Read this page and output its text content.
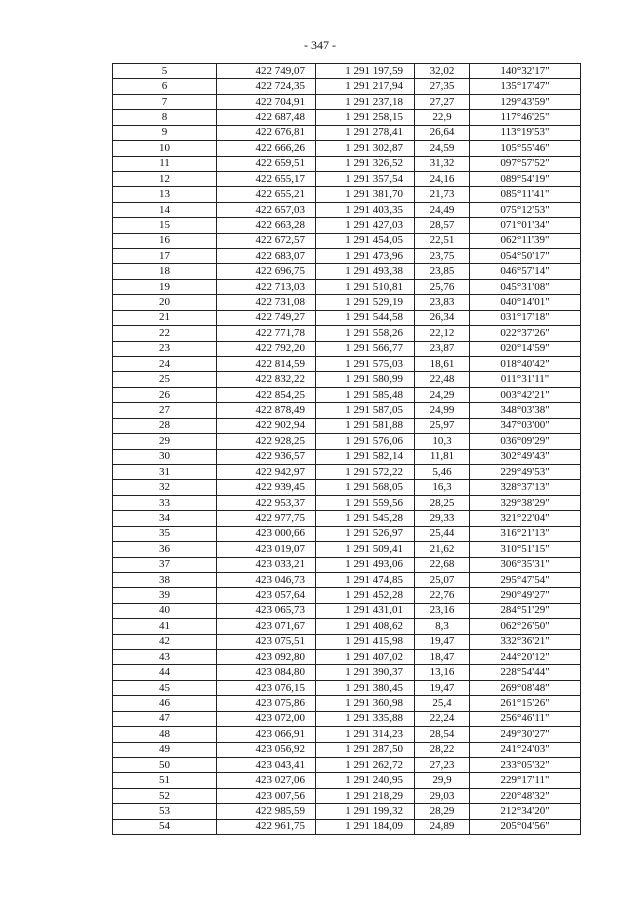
- 347 -
5	422 749,07	1 291 197,59	32,02	140°32'17"
6	422 724,35	1 291 217,94	27,35	135°17'47"
7	422 704,91	1 291 237,18	27,27	129°43'59"
8	422 687,48	1 291 258,15	22,9	117°46'25"
9	422 676,81	1 291 278,41	26,64	113°19'53"
10	422 666,26	1 291 302,87	24,59	105°55'46"
11	422 659,51	1 291 326,52	31,32	097°57'52"
12	422 655,17	1 291 357,54	24,16	089°54'19"
13	422 655,21	1 291 381,70	21,73	085°11'41"
14	422 657,03	1 291 403,35	24,49	075°12'53"
15	422 663,28	1 291 427,03	28,57	071°01'34"
16	422 672,57	1 291 454,05	22,51	062°11'39"
17	422 683,07	1 291 473,96	23,75	054°50'17"
18	422 696,75	1 291 493,38	23,85	046°57'14"
19	422 713,03	1 291 510,81	25,76	045°31'08"
20	422 731,08	1 291 529,19	23,83	040°14'01"
21	422 749,27	1 291 544,58	26,34	031°17'18"
22	422 771,78	1 291 558,26	22,12	022°37'26"
23	422 792,20	1 291 566,77	23,87	020°14'59"
24	422 814,59	1 291 575,03	18,61	018°40'42"
25	422 832,22	1 291 580,99	22,48	011°31'11"
26	422 854,25	1 291 585,48	24,29	003°42'21"
27	422 878,49	1 291 587,05	24,99	348°03'38"
28	422 902,94	1 291 581,88	25,97	347°03'00"
29	422 928,25	1 291 576,06	10,3	036°09'29"
30	422 936,57	1 291 582,14	11,81	302°49'43"
31	422 942,97	1 291 572,22	5,46	229°49'53"
32	422 939,45	1 291 568,05	16,3	328°37'13"
33	422 953,37	1 291 559,56	28,25	329°38'29"
34	422 977,75	1 291 545,28	29,33	321°22'04"
35	423 000,66	1 291 526,97	25,44	316°21'13"
36	423 019,07	1 291 509,41	21,62	310°51'15"
37	423 033,21	1 291 493,06	22,68	306°35'31"
38	423 046,73	1 291 474,85	25,07	295°47'54"
39	423 057,64	1 291 452,28	22,76	290°49'27"
40	423 065,73	1 291 431,01	23,16	284°51'29"
41	423 071,67	1 291 408,62	8,3	062°26'50"
42	423 075,51	1 291 415,98	19,47	332°36'21"
43	423 092,80	1 291 407,02	18,47	244°20'12"
44	423 084,80	1 291 390,37	13,16	228°54'44"
45	423 076,15	1 291 380,45	19,47	269°08'48"
46	423 075,86	1 291 360,98	25,4	261°15'26"
47	423 072,00	1 291 335,88	22,24	256°46'11"
48	423 066,91	1 291 314,23	28,54	249°30'27"
49	423 056,92	1 291 287,50	28,22	241°24'03"
50	423 043,41	1 291 262,72	27,23	233°05'32"
51	423 027,06	1 291 240,95	29,9	229°17'11"
52	423 007,56	1 291 218,29	29,03	220°48'32"
53	422 985,59	1 291 199,32	28,29	212°34'20"
54	422 961,75	1 291 184,09	24,89	205°04'56"
